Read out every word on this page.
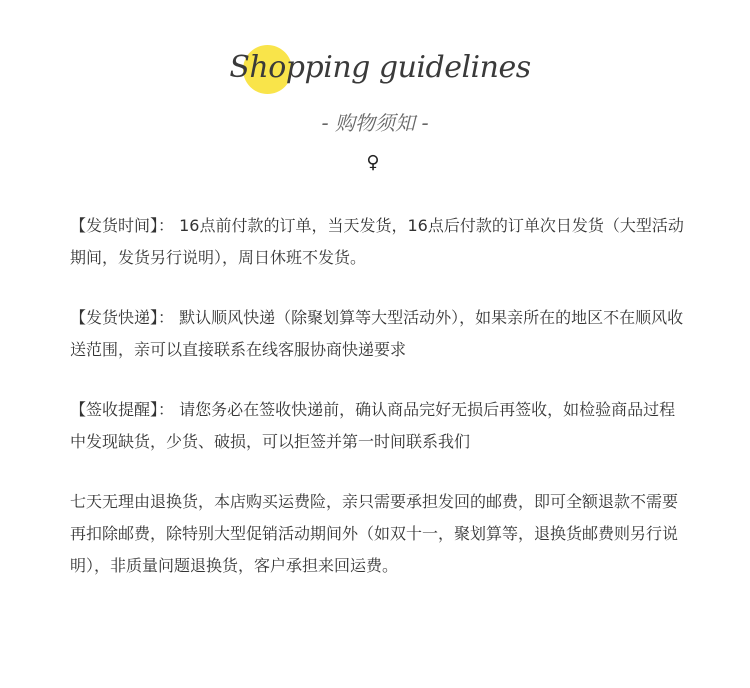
Shopping guidelines
- 购物须知 -
♀

【发货时间】： 16点前付款的订单，当天发货，16点后付款的订单次日发货（大型活动期间，发货另行说明），周日休班不发货。

【发货快递】： 默认顺风快递（除聚划算等大型活动外），如果亲所在的地区不在顺风收送范围，亲可以直接联系在线客服协商快递要求

【签收提醒】： 请您务必在签收快递前，确认商品完好无损后再签收，如检验商品过程中发现缺货，少货、破损，可以拒签并第一时间联系我们

七天无理由退换货，本店购买运费险，亲只需要承担发回的邮费，即可全额退款不需要再扣除邮费，除特别大型促销活动期间外（如双十一，聚划算等，退换货邮费则另行说明），非质量问题退换货，客户承担来回运费。
